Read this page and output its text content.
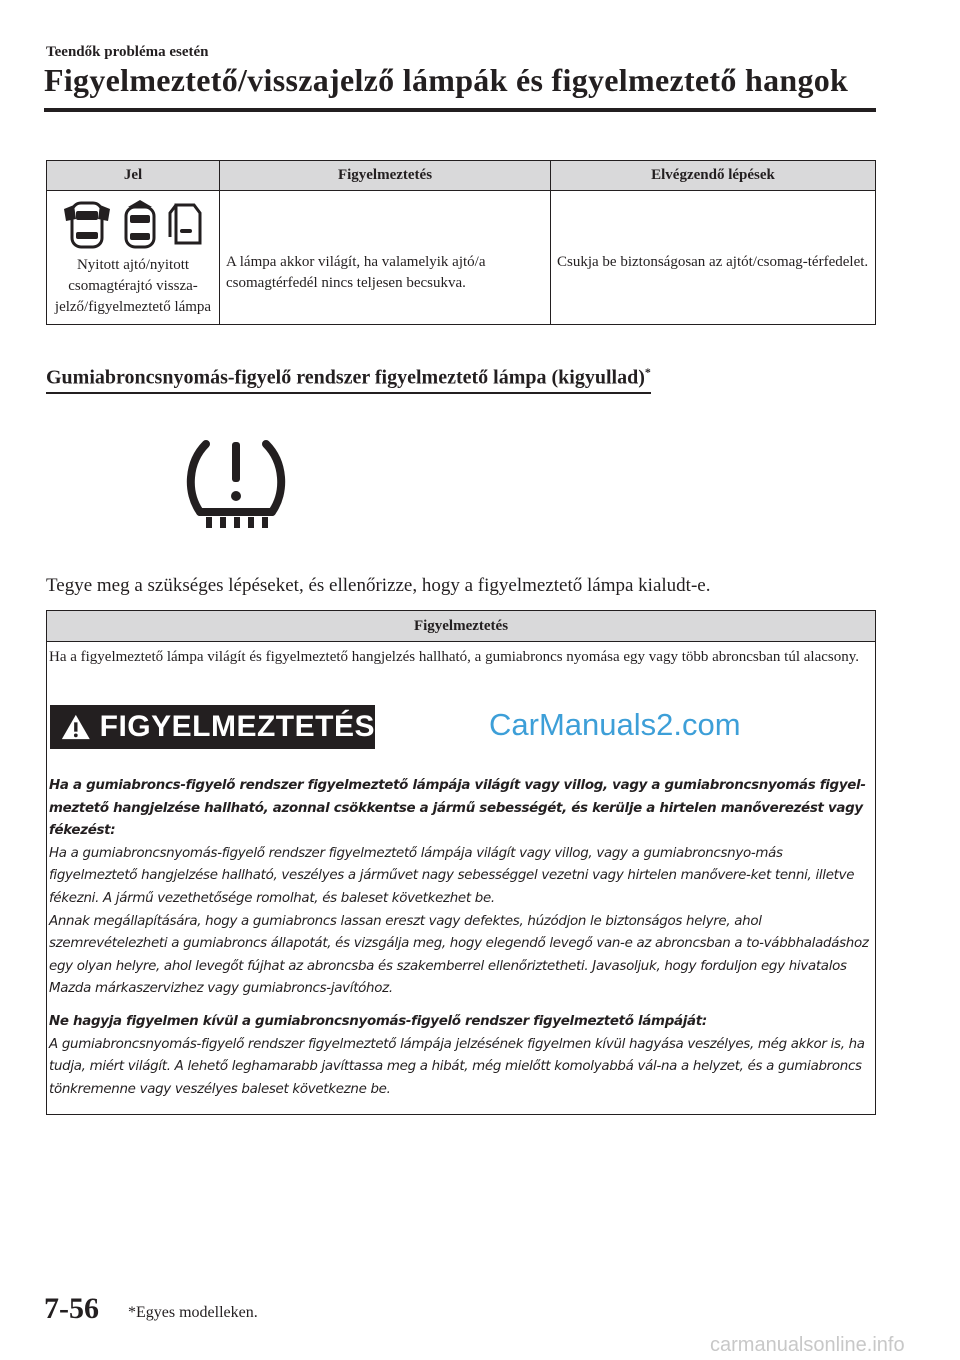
Teendők probléma esetén
Figyelmeztető/visszajelző lámpák és figyelmeztető hangok
Jel	Figyelmeztetés	Elvégzendő lépések

Nyitott ajtó/nyitott csomagtérajtó vissza-jelző/figyelmeztető lámpa	A lámpa akkor világít, ha valamelyik ajtó/a csomagtérfedél nincs teljesen becsukva.	Csukja be biztonságosan az ajtót/csomag-térfedelet.
Gumiabroncsnyomás-figyelő rendszer figyelmeztető lámpa (kigyullad)*
Tegye meg a szükséges lépéseket, és ellenőrizze, hogy a figyelmeztető lámpa kialudt-e.
Figyelmeztetés
Ha a figyelmeztető lámpa világít és figyelmeztető hangjelzés hallható, a gumiabroncs nyomása egy vagy több abroncsban túl alacsony.
FIGYELMEZTETÉS	CarManuals2.com

Ha a gumiabroncs-figyelő rendszer figyelmeztető lámpája világít vagy villog, vagy a gumiabroncsnyomás figyel-meztető hangjelzése hallható, azonnal csökkentse a jármű sebességét, és kerülje a hirtelen manőverezést vagy fékezést:

Ha a gumiabroncsnyomás-figyelő rendszer figyelmeztető lámpája világít vagy villog, vagy a gumiabroncsnyo-más figyelmeztető hangjelzése hallható, veszélyes a járművet nagy sebességgel vezetni vagy hirtelen manővere-ket tenni, illetve fékezni. A jármű vezethetősége romolhat, és baleset következhet be.

Annak megállapítására, hogy a gumiabroncs lassan ereszt vagy defektes, húzódjon le biztonságos helyre, ahol szemrevételezheti a gumiabroncs állapotát, és vizsgálja meg, hogy elegendő levegő van-e az abroncsban a to-vábbhaladáshoz egy olyan helyre, ahol levegőt fújhat az abroncsba és szakemberrel ellenőriztetheti. Javasoljuk, hogy forduljon egy hivatalos Mazda márkaszervizhez vagy gumiabroncs-javítóhoz.

Ne hagyja figyelmen kívül a gumiabroncsnyomás-figyelő rendszer figyelmeztető lámpáját:

A gumiabroncsnyomás-figyelő rendszer figyelmeztető lámpája jelzésének figyelmen kívül hagyása veszélyes, még akkor is, ha tudja, miért világít. A lehető leghamarabb javíttassa meg a hibát, még mielőtt komolyabbá vál-na a helyzet, és a gumiabroncs tönkremenne vagy veszélyes baleset következne be.

7-56 *Egyes modelleken.
carmanualsonline.info
